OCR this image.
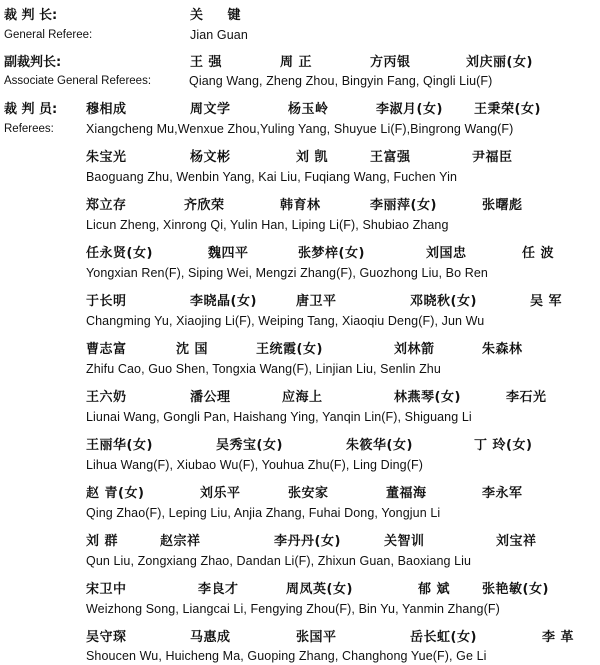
裁 判 长:	关 键
General Referee:	Jian Guan
副裁判长:	王 强	周 正	方丙银	刘庆丽(女)
Associate General Referees:	Qiang Wang, Zheng Zhou, Bingyin Fang, Qingli Liu(F)
裁 判 员:
Referees:
穆相成	周文学	杨玉岭	李淑月(女) 王秉荣(女)
Xiangcheng Mu,Wenxue Zhou,Yuling Yang, Shuyue Li(F),Bingrong Wang(F)
朱宝光	杨文彬	刘 凯	王富强	尹福臣
Baoguang Zhu, Wenbin Yang, Kai Liu, Fuqiang Wang, Fuchen Yin
郑立存	齐欣荣	韩育林	李丽萍(女)	张曙彪
Licun Zheng, Xinrong Qi, Yulin Han, Liping Li(F), Shubiao Zhang
任永贤(女)	魏四平	张梦梓(女)	刘国忠	任 波
Yongxian Ren(F), Siping Wei, Mengzi Zhang(F), Guozhong Liu, Bo Ren
于长明	李晓晶(女)	唐卫平	邓晓秋(女)	吴 军
Changming Yu, Xiaojing Li(F), Weiping Tang, Xiaoqiu Deng(F), Jun Wu
曹志富	沈 国	王统霞(女)	刘林箭	朱森林
Zhifu Cao, Guo Shen, Tongxia Wang(F), Linjian Liu, Senlin Zhu
王六奶	潘公理	应海上	林燕琴(女)	李石光
Liunai Wang, Gongli Pan, Haishang Ying, Yanqin Lin(F), Shiguang Li
王丽华(女)	吴秀宝(女)	朱筱华(女)	丁 玲(女)
Lihua Wang(F), Xiubao Wu(F), Youhua Zhu(F), Ling Ding(F)
赵 青(女)	刘乐平	张安家	董福海	李永军
Qing Zhao(F), Leping Liu, Anjia Zhang, Fuhai Dong, Yongjun Li
刘 群	赵宗祥	李丹丹(女)	关智训	刘宝祥
Qun Liu, Zongxiang Zhao, Dandan Li(F), Zhixun Guan, Baoxiang Liu
宋卫中	李良才	周凤英(女)	郁 斌 张艳敏(女)
Weizhong Song, Liangcai Li, Fengying Zhou(F), Bin Yu, Yanmin Zhang(F)
吴守琛	马惠成	张国平	岳长虹(女)	李 革
Shoucen Wu, Huicheng Ma, Guoping Zhang, Changhong Yue(F), Ge Li
